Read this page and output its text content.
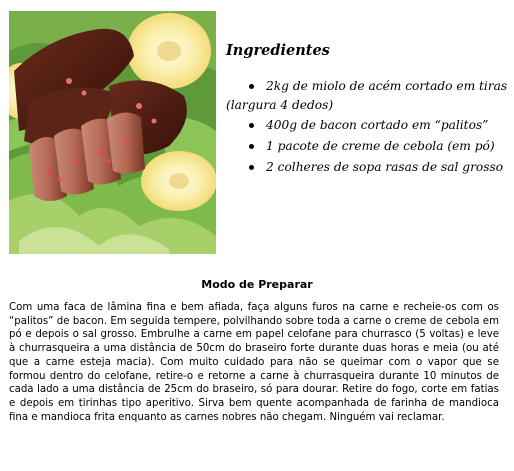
Ingredientes
2kg de miolo de acém cortado em tiras (largura 4 dedos)
400g de bacon cortado em “palitos”
1 pacote de creme de cebola (em pó)
2 colheres de sopa rasas de sal grosso
Modo de Preparar
Com uma faca de lâmina fina e bem afiada, faça alguns furos na carne e recheie-os com os “palitos” de bacon. Em seguida tempere, polvilhando sobre toda a carne o creme de cebola em pó e depois o sal grosso. Embrulhe a carne em papel celofane para churrasco (5 voltas) e leve à churrasqueira a uma distância de 50cm do braseiro forte durante duas horas e meia (ou até que a carne esteja macia). Com muito cuidado para não se queimar com o vapor que se formou dentro do celofane, retire-o e retorne a carne à churrasqueira durante 10 minutos de cada lado a uma distância de 25cm do braseiro, só para dourar. Retire do fogo, corte em fatias e depois em tirinhas tipo aperitivo. Sirva bem quente acompanhada de farinha de mandioca fina e mandioca frita enquanto as carnes nobres não chegam. Ninguém vai reclamar.
